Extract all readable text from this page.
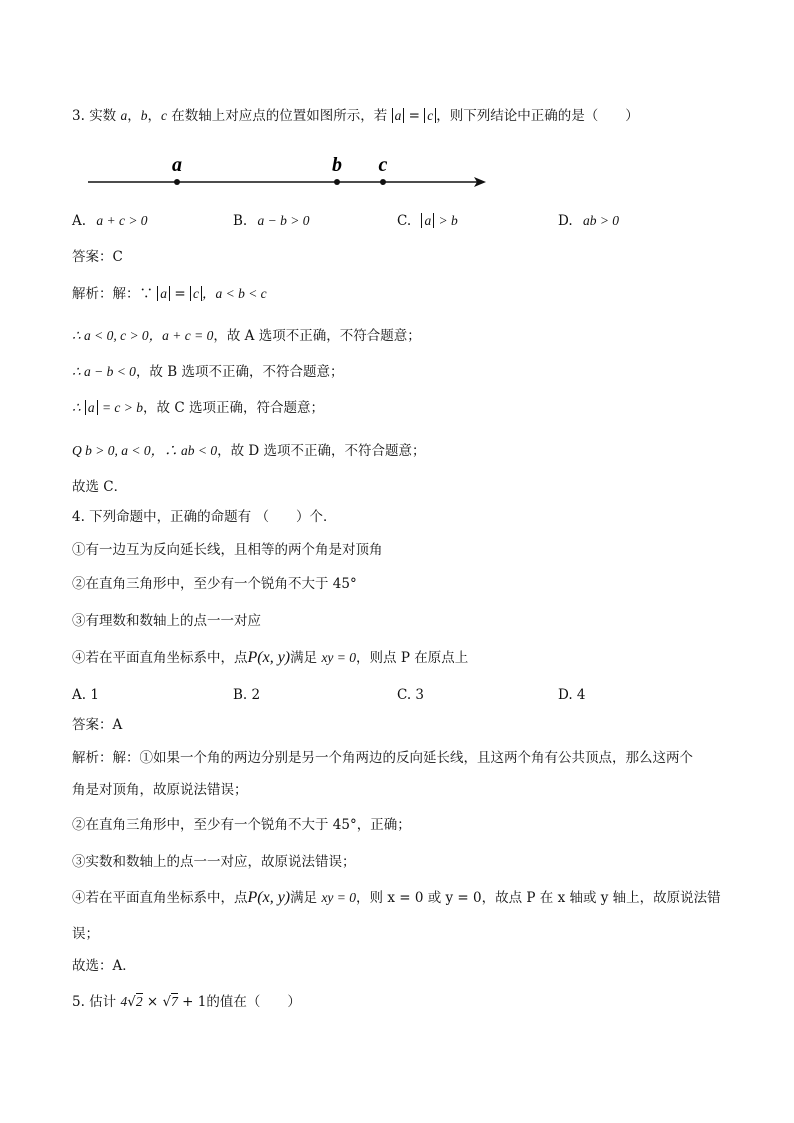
3. 实数 a，b，c 在数轴上对应点的位置如图所示，若 a = c ，则下列结论中正确的是（　　）
a	b c
A. a + c > 0	B. a − b > 0	C. a > b	D. ab > 0
答案：C
解析：解：∵ a = c ，a < b < c
∴ a < 0, c > 0，a + c = 0，故 A 选项不正确，不符合题意；
∴ a − b < 0，故 B 选项不正确，不符合题意；
∴ a = c > b，故 C 选项正确，符合题意；
Q b > 0, a < 0，∴ ab < 0，故 D 选项不正确，不符合题意；
故选 C．
4. 下列命题中，正确的命题有 （　　）个．
①有一边互为反向延长线，且相等的两个角是对顶角
②在直角三角形中，至少有一个锐角不大于 45°
③有理数和数轴上的点一一对应
④若在平面直角坐标系中，点P(x, y)满足 xy = 0，则点 P 在原点上
A. 1	B. 2	C. 3	D. 4
答案：A
解析：解：①如果一个角的两边分别是另一个角两边的反向延长线，且这两个角有公共顶点，那么这两个
角是对顶角，故原说法错误；
②在直角三角形中，至少有一个锐角不大于 45°，正确；
③实数和数轴上的点一一对应，故原说法错误；
④若在平面直角坐标系中，点P(x, y)满足 xy = 0，则 x = 0 或 y = 0，故点 P 在 x 轴或 y 轴上，故原说法错
误；
故选：A．
5. 估计 4√2 × √7 + 1的值在（　　）
